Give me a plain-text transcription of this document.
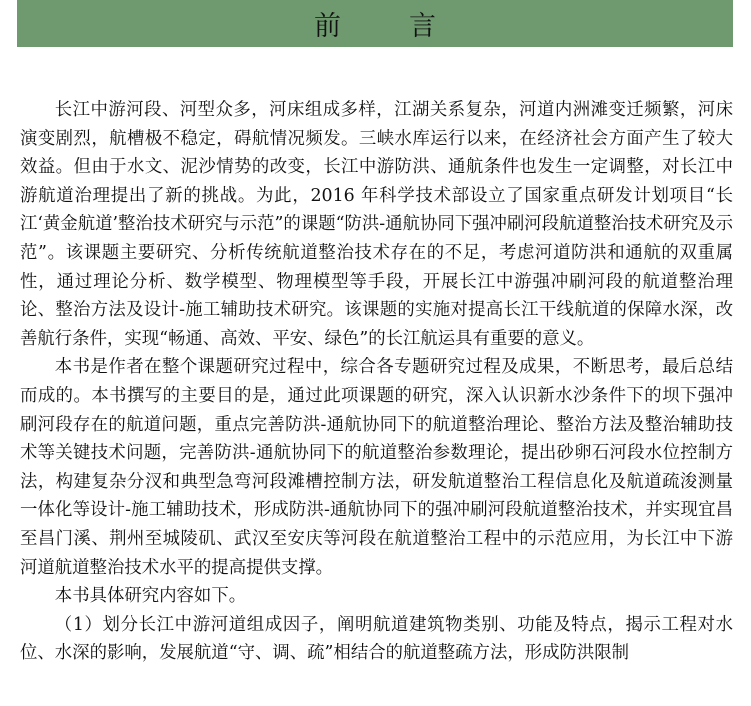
前言

长江中游河段、河型众多，河床组成多样，江湖关系复杂，河道内洲滩变迁频繁，河床演变剧烈，航槽极不稳定，碍航情况频发。三峡水库运行以来，在经济社会方面产生了较大效益。但由于水文、泥沙情势的改变，长江中游防洪、通航条件也发生一定调整，对长江中游航道治理提出了新的挑战。为此，2016 年科学技术部设立了国家重点研发计划项目“长江‘黄金航道’整治技术研究与示范”的课题“防洪-通航协同下强冲刷河段航道整治技术研究及示范”。该课题主要研究、分析传统航道整治技术存在的不足，考虑河道防洪和通航的双重属性，通过理论分析、数学模型、物理模型等手段，开展长江中游强冲刷河段的航道整治理论、整治方法及设计-施工辅助技术研究。该课题的实施对提高长江干线航道的保障水深，改善航行条件，实现“畅通、高效、平安、绿色”的长江航运具有重要的意义。

本书是作者在整个课题研究过程中，综合各专题研究过程及成果，不断思考，最后总结而成的。本书撰写的主要目的是，通过此项课题的研究，深入认识新水沙条件下的坝下强冲刷河段存在的航道问题，重点完善防洪-通航协同下的航道整治理论、整治方法及整治辅助技术等关键技术问题，完善防洪-通航协同下的航道整治参数理论，提出砂卵石河段水位控制方法，构建复杂分汊和典型急弯河段滩槽控制方法，研发航道整治工程信息化及航道疏浚测量一体化等设计-施工辅助技术，形成防洪-通航协同下的强冲刷河段航道整治技术，并实现宜昌至昌门溪、荆州至城陵矶、武汉至安庆等河段在航道整治工程中的示范应用，为长江中下游河道航道整治技术水平的提高提供支撑。

本书具体研究内容如下。

（1）划分长江中游河道组成因子，阐明航道建筑物类别、功能及特点，揭示工程对水位、水深的影响，发展航道“守、调、疏”相结合的航道整疏方法，形成防洪限制
